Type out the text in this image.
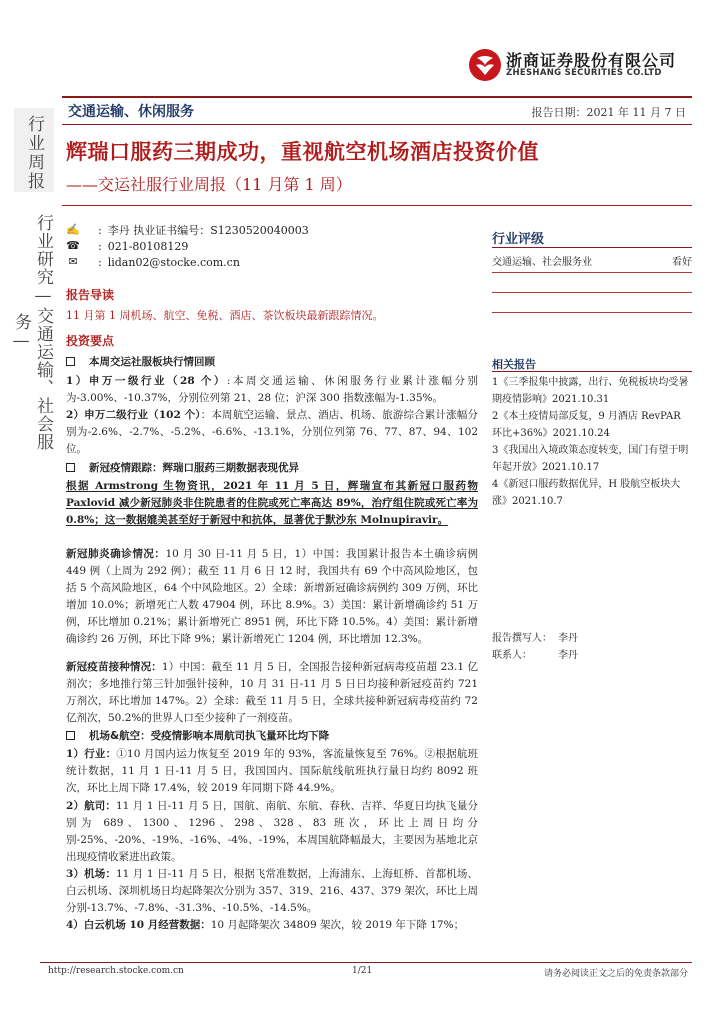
浙商证券股份有限公司
ZHESHANG SECURITIES CO.LTD
行业周报
行业研究—交通运输、社会服务—
交通运输、休闲服务	报告日期：2021 年 11 月 7 日
辉瑞口服药三期成功，重视航空机场酒店投资价值
——交运社服行业周报（11 月第 1 周）
✍ : 李丹 执业证书编号：S1230520040003
☎ : 021-80108129
✉ : lidan02@stocke.com.cn
报告导读
11 月第 1 周机场、航空、免税、酒店、茶饮板块最新跟踪情况。
投资要点
本周交运社服板块行情回顾
1）申万一级行业（28 个）:本周交通运输、休闲服务行业累计涨幅分别为-3.00%、-10.37%，分别位列第 21、28 位；沪深 300 指数涨幅为-1.35%。
2）申万二级行业（102 个）：本周航空运输、景点、酒店、机场、旅游综合累计涨幅分别为-2.6%、-2.7%、-5.2%、-6.6%、-13.1%，分别位列第 76、77、87、94、102 位。
新冠疫情跟踪：辉瑞口服药三期数据表现优异
根据 Armstrong 生物资讯，2021 年 11 月 5 日，辉瑞宣布其新冠口服药物 Paxlovid 减少新冠肺炎非住院患者的住院或死亡率高达 89%，治疗组住院或死亡率为 0.8%；这一数据媲美甚至好于新冠中和抗体，显著优于默沙东 Molnupiravir。
新冠肺炎确诊情况：10 月 30 日-11 月 5 日，1）中国：我国累计报告本土确诊病例 449 例（上周为 292 例）；截至 11 月 6 日 12 时，我国共有 69 个中高风险地区，包括 5 个高风险地区，64 个中风险地区。2）全球：新增新冠确诊病例约 309 万例，环比增加 10.0%；新增死亡人数 47904 例，环比 8.9%。3）美国：累计新增确诊约 51 万例，环比增加 0.21%；累计新增死亡 8951 例，环比下降 10.5%。4）美国：累计新增确诊约 26 万例，环比下降 9%；累计新增死亡 1204 例，环比增加 12.3%。
新冠疫苗接种情况：1）中国：截至 11 月 5 日，全国报告接种新冠病毒疫苗超 23.1 亿剂次；多地推行第三针加强针接种，10 月 31 日-11 月 5 日日均接种新冠疫苗约 721 万剂次，环比增加 147%。2）全球：截至 11 月 5 日，全球共接种新冠病毒疫苗约 72 亿剂次，50.2%的世界人口至少接种了一剂疫苗。
机场&航空：受疫情影响本周航司执飞量环比均下降
1）行业：①10 月国内运力恢复至 2019 年的 93%，客流量恢复至 76%。②根据航班统计数据，11 月 1 日-11 月 5 日，我国国内、国际航线航班执行量日均约 8092 班次，环比上周下降 17.4%，较 2019 年同期下降 44.9%。
2）航司：11 月 1 日-11 月 5 日，国航、南航、东航、春秋、吉祥、华夏日均执飞量分别为 689、1300、1296、298、328、83 班次，环比上周日均分别-25%、-20%、-19%、-16%、-4%、-19%，本周国航降幅最大，主要因为基地北京出现疫情收紧进出政策。
3）机场：11 月 1 日-11 月 5 日，根据飞常准数据，上海浦东、上海虹桥、首都机场、白云机场、深圳机场日均起降架次分别为 357、319、216、437、379 架次，环比上周分别-13.7%、-7.8%、-31.3%、-10.5%、-14.5%。
4）白云机场 10 月经营数据：10 月起降架次 34809 架次，较 2019 年下降 17%；
行业评级
交通运输、社会服务业	看好
相关报告
1《三季报集中披露，出行、免税板块均受暑期疫情影响》2021.10.31
2《本土疫情局部反复，9 月酒店 RevPAR 环比+36%》2021.10.24
3《我国出入境政策态度转变，国门有望于明年起开放》2021.10.17
4《新冠口服药数据优异，H 股航空板块大涨》2021.10.7
报告撰写人： 李丹
联系人：	李丹
http://research.stocke.com.cn	1/21	请务必阅读正文之后的免责条款部分
